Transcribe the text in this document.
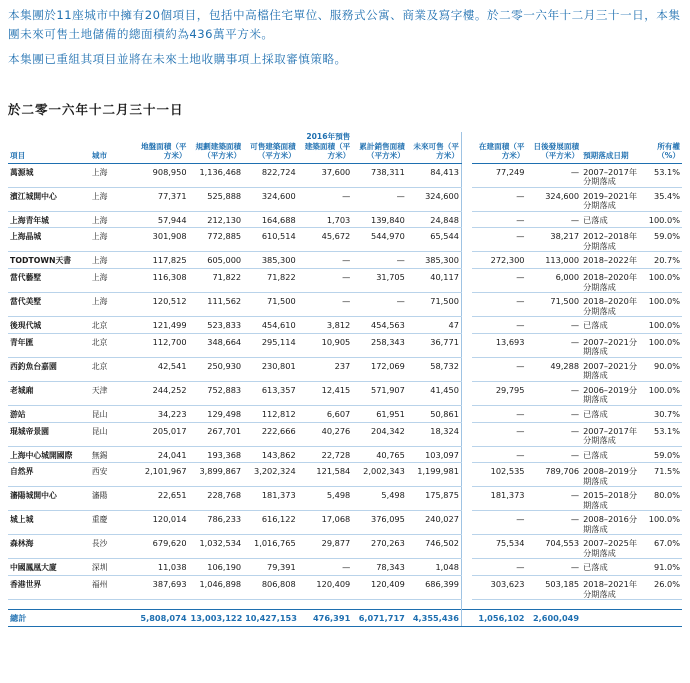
本集團於11座城市中擁有20個項目，包括中高檔住宅單位、服務式公寓、商業及寫字樓。於二零一六年十二月三十一日，本集團未來可售土地儲備的總面積約為436萬平方米。

本集團已重組其項目並將在未來土地收購事項上採取審慎策略。

於二零一六年十二月三十一日
項目	城市	地盤面積（平方米）	規劃建築面積（平方米）	可售建築面積（平方米）	2016年預售建築面積（平方米）	累計銷售面積（平方米）	未來可售（平方米）		在建面積（平方米）	日後發展面積（平方米）	預期落成日期	所有權（%）
萬源城	上海	908,950	1,136,468	822,724	37,600	738,311	84,413		77,249	—	2007–2017年分期落成	53.1%
濱江城開中心	上海	77,371	525,888	324,600	—	—	324,600		—	324,600	2019–2021年分期落成	35.4%
上海青年城	上海	57,944	212,130	164,688	1,703	139,840	24,848		—	—	已落成	100.0%
上海晶城	上海	301,908	772,885	610,514	45,672	544,970	65,544		—	38,217	2012–2018年分期落成	59.0%
TODTOWN天書	上海	117,825	605,000	385,300	—	—	385,300		272,300	113,000	2018–2022年	20.7%
當代藝墅	上海	116,308	71,822	71,822	—	31,705	40,117		—	6,000	2018–2020年分期落成	100.0%
當代美墅	上海	120,512	111,562	71,500	—	—	71,500		—	71,500	2018–2020年分期落成	100.0%
後現代城	北京	121,499	523,833	454,610	3,812	454,563	47		—	—	已落成	100.0%
青年匯	北京	112,700	348,664	295,114	10,905	258,343	36,771		13,693	—	2007–2021分期落成	100.0%
西釣魚台嘉園	北京	42,541	250,930	230,801	237	172,069	58,732		—	49,288	2007–2021分期落成	90.0%
老城廂	天津	244,252	752,883	613,357	12,415	571,907	41,450		29,795	—	2006–2019分期落成	100.0%
游站	昆山	34,223	129,498	112,812	6,607	61,951	50,861		—	—	已落成	30.7%
琨城帝景園	昆山	205,017	267,701	222,666	40,276	204,342	18,324		—	—	2007–2017年分期落成	53.1%
上海中心城開國際	無錫	24,041	193,368	143,862	22,728	40,765	103,097		—	—	已落成	59.0%
自然界	西安	2,101,967	3,899,867	3,202,324	121,584	2,002,343	1,199,981		102,535	789,706	2008–2019分期落成	71.5%
瀋陽城開中心	瀋陽	22,651	228,768	181,373	5,498	5,498	175,875		181,373	—	2015–2018分期落成	80.0%
城上城	重慶	120,014	786,233	616,122	17,068	376,095	240,027		—	—	2008–2016分期落成	100.0%
森林海	長沙	679,620	1,032,534	1,016,765	29,877	270,263	746,502		75,534	704,553	2007–2025年分期落成	67.0%
中國鳳凰大廈	深圳	11,038	106,190	79,391	—	78,343	1,048		—	—	已落成	91.0%
香港世界	福州	387,693	1,046,898	806,808	120,409	120,409	686,399		303,623	503,185	2018–2021年分期落成	26.0%

總計		5,808,074	13,003,122	10,427,153	476,391	6,071,717	4,355,436		1,056,102	2,600,049		
